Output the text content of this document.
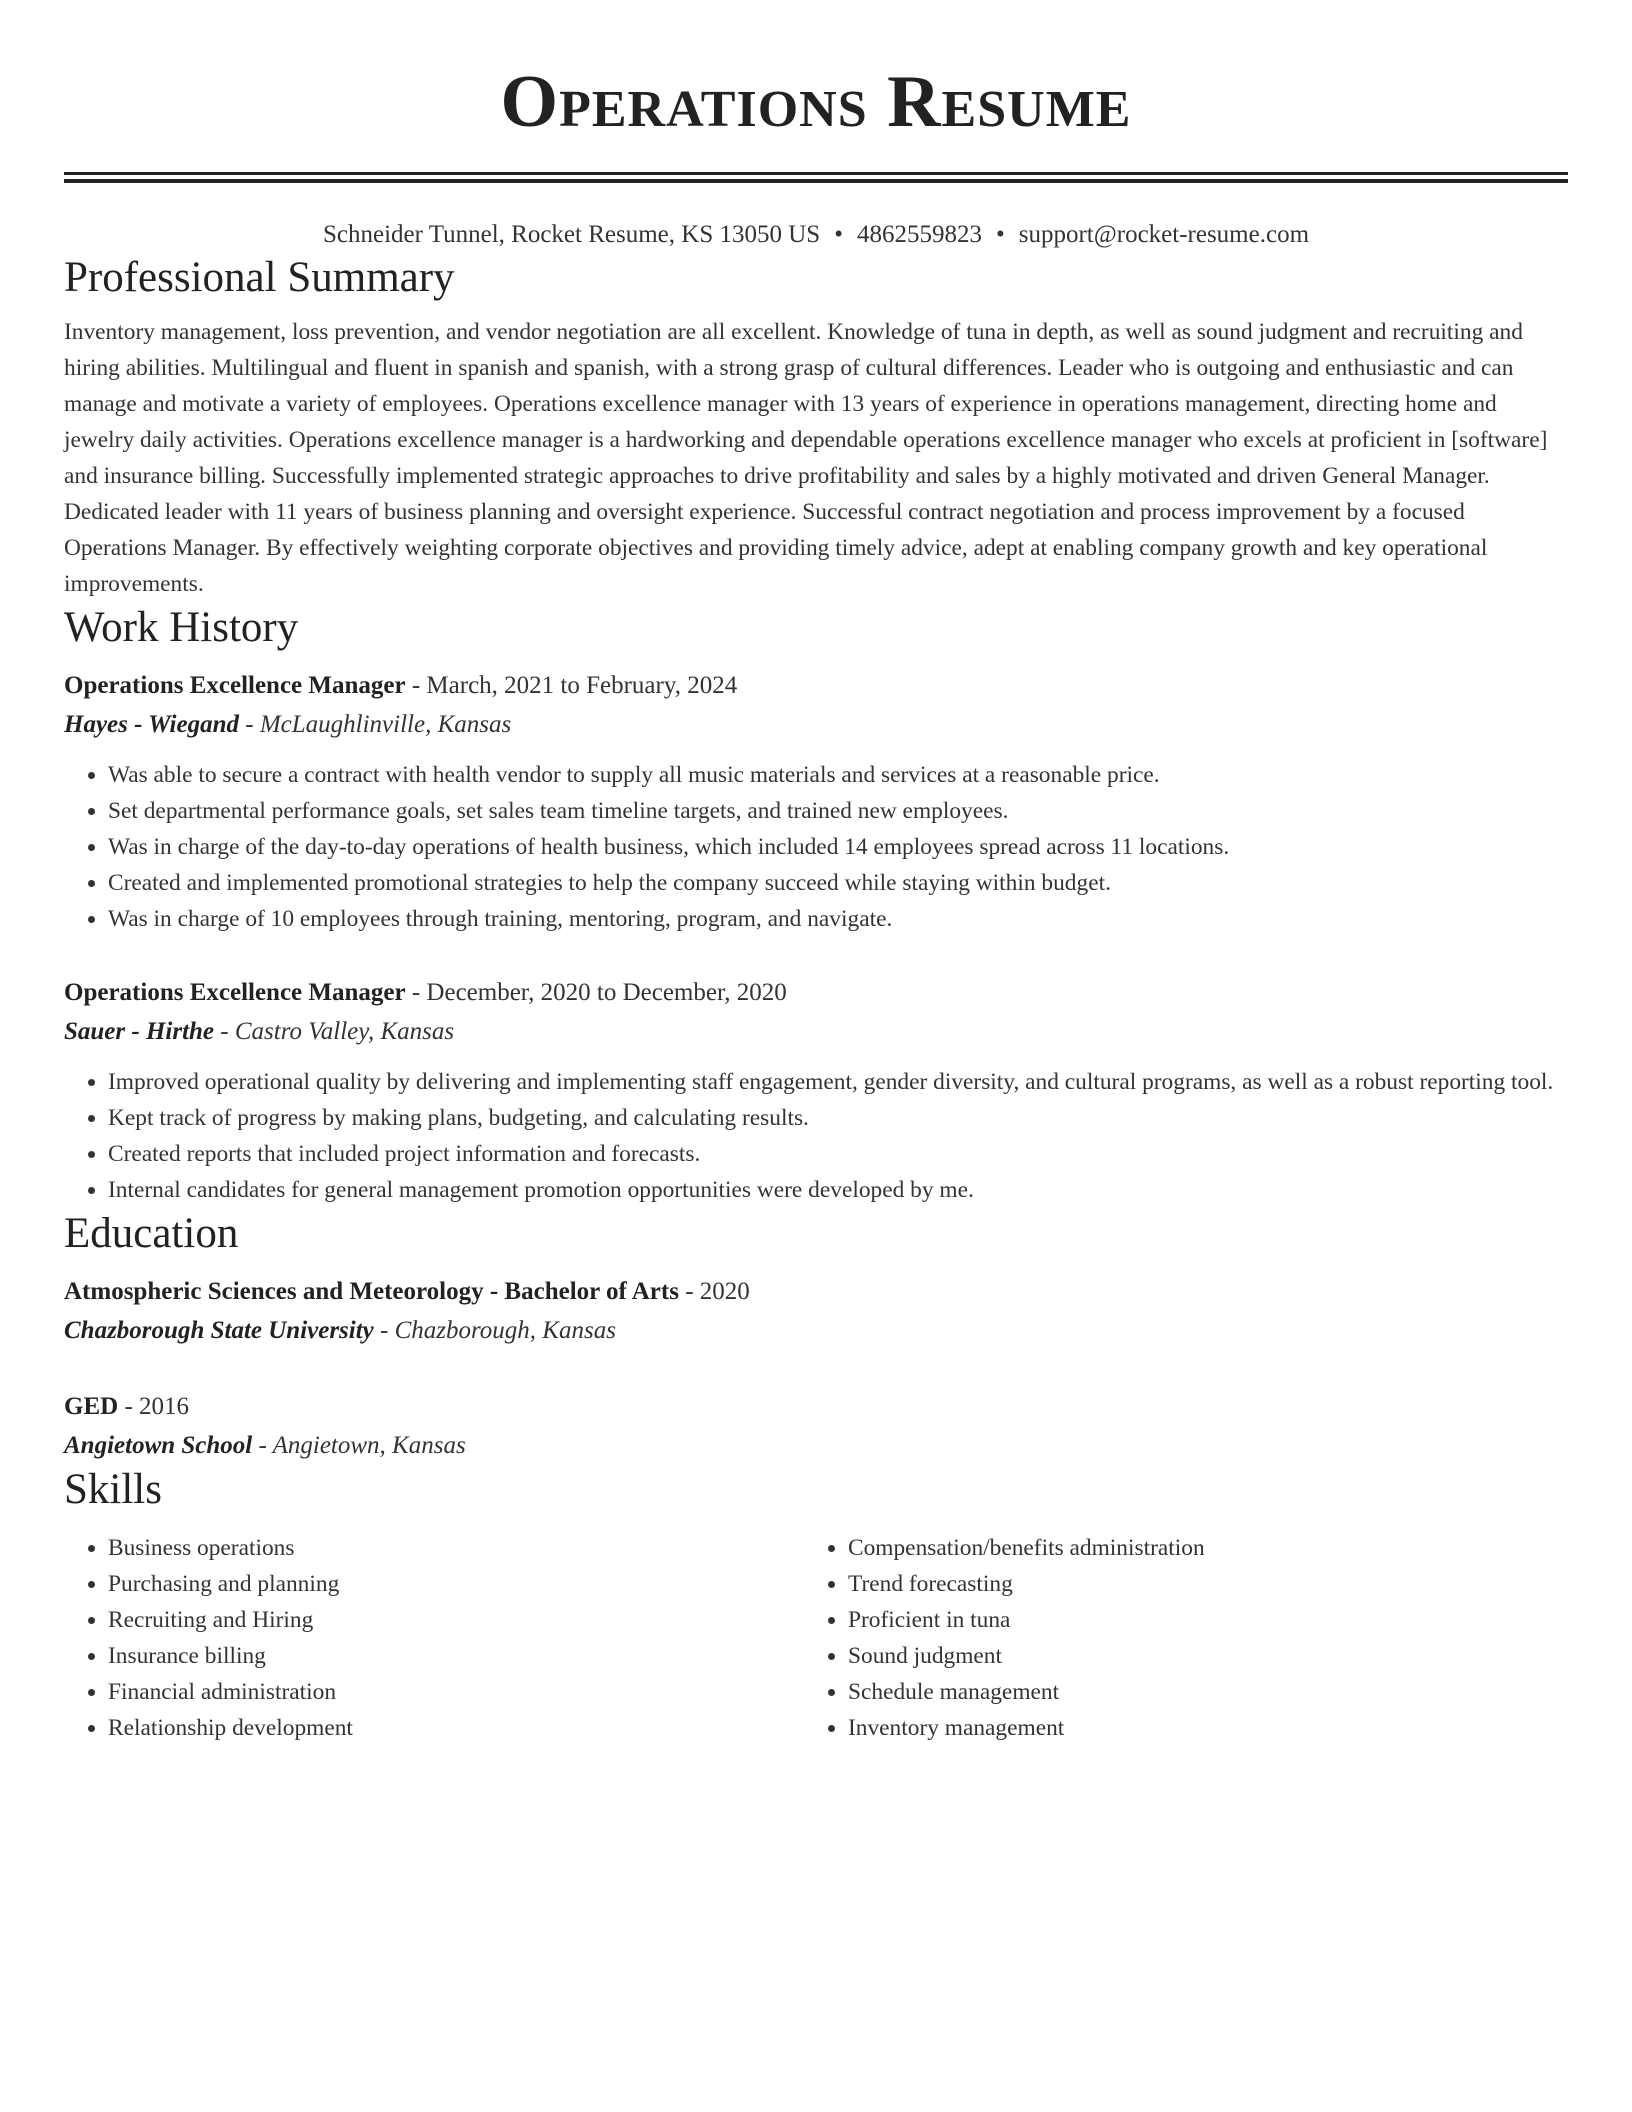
Operations Resume
Schneider Tunnel, Rocket Resume, KS 13050 US • 4862559823 • support@rocket-resume.com
Professional Summary
Inventory management, loss prevention, and vendor negotiation are all excellent. Knowledge of tuna in depth, as well as sound judgment and recruiting and hiring abilities. Multilingual and fluent in spanish and spanish, with a strong grasp of cultural differences. Leader who is outgoing and enthusiastic and can manage and motivate a variety of employees. Operations excellence manager with 13 years of experience in operations management, directing home and jewelry daily activities. Operations excellence manager is a hardworking and dependable operations excellence manager who excels at proficient in [software] and insurance billing. Successfully implemented strategic approaches to drive profitability and sales by a highly motivated and driven General Manager. Dedicated leader with 11 years of business planning and oversight experience. Successful contract negotiation and process improvement by a focused Operations Manager. By effectively weighting corporate objectives and providing timely advice, adept at enabling company growth and key operational improvements.
Work History
Operations Excellence Manager - March, 2021 to February, 2024
Hayes - Wiegand - McLaughlinville, Kansas
• Was able to secure a contract with health vendor to supply all music materials and services at a reasonable price.
• Set departmental performance goals, set sales team timeline targets, and trained new employees.
• Was in charge of the day-to-day operations of health business, which included 14 employees spread across 11 locations.
• Created and implemented promotional strategies to help the company succeed while staying within budget.
• Was in charge of 10 employees through training, mentoring, program, and navigate.
Operations Excellence Manager - December, 2020 to December, 2020
Sauer - Hirthe - Castro Valley, Kansas
• Improved operational quality by delivering and implementing staff engagement, gender diversity, and cultural programs, as well as a robust reporting tool.
• Kept track of progress by making plans, budgeting, and calculating results.
• Created reports that included project information and forecasts.
• Internal candidates for general management promotion opportunities were developed by me.
Education
Atmospheric Sciences and Meteorology - Bachelor of Arts - 2020
Chazborough State University - Chazborough, Kansas
GED - 2016
Angietown School - Angietown, Kansas
Skills
• Business operations
• Purchasing and planning
• Recruiting and Hiring
• Insurance billing
• Financial administration
• Relationship development
• Compensation/benefits administration
• Trend forecasting
• Proficient in tuna
• Sound judgment
• Schedule management
• Inventory management
